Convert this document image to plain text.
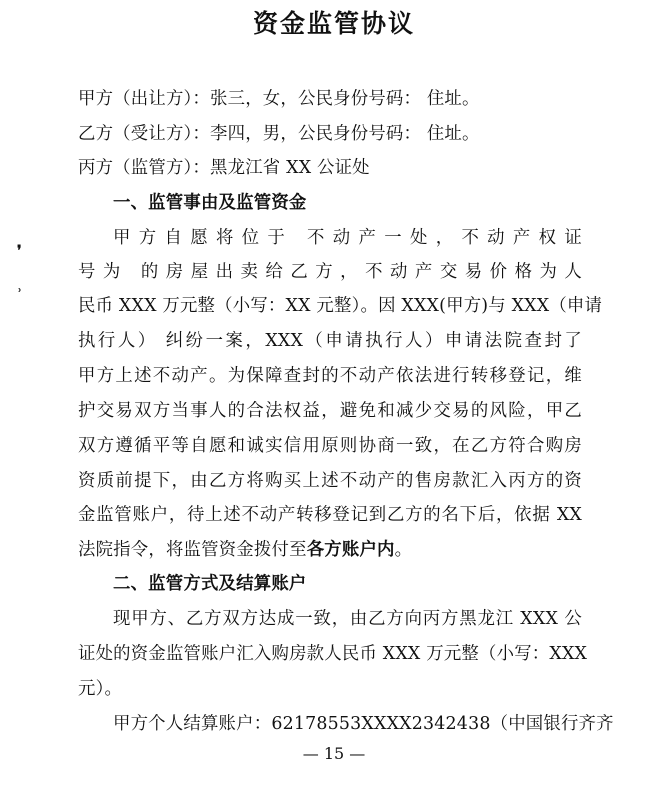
资金监管协议
甲方（出让方）：张三，女，公民身份号码： 住址。
乙方（受让方）：李四，男，公民身份号码： 住址。
丙方（监管方）：黑龙江省 XX 公证处
一、监管事由及监管资金
甲方自愿将位于 不动产一处，不动产权证
号为 的房屋出卖给乙方，不动产交易价格为人
民币 XXX 万元整（小写：XX 元整）。因 XXX(甲方)与 XXX（申请
执行人） 纠纷一案，XXX（申请执行人）申请法院查封了
甲方上述不动产。为保障查封的不动产依法进行转移登记，维
护交易双方当事人的合法权益，避免和减少交易的风险，甲乙
双方遵循平等自愿和诚实信用原则协商一致，在乙方符合购房
资质前提下，由乙方将购买上述不动产的售房款汇入丙方的资
金监管账户，待上述不动产转移登记到乙方的名下后，依据 XX
法院指令，将监管资金拨付至各方账户内。
二、监管方式及结算账户
现甲方、乙方双方达成一致，由乙方向丙方黑龙江 XXX 公
证处的资金监管账户汇入购房款人民币 XXX 万元整（小写：XXX
元）。
甲方个人结算账户：62178553XXXX2342438（中国银行齐齐
❜
˒
— 15 —
